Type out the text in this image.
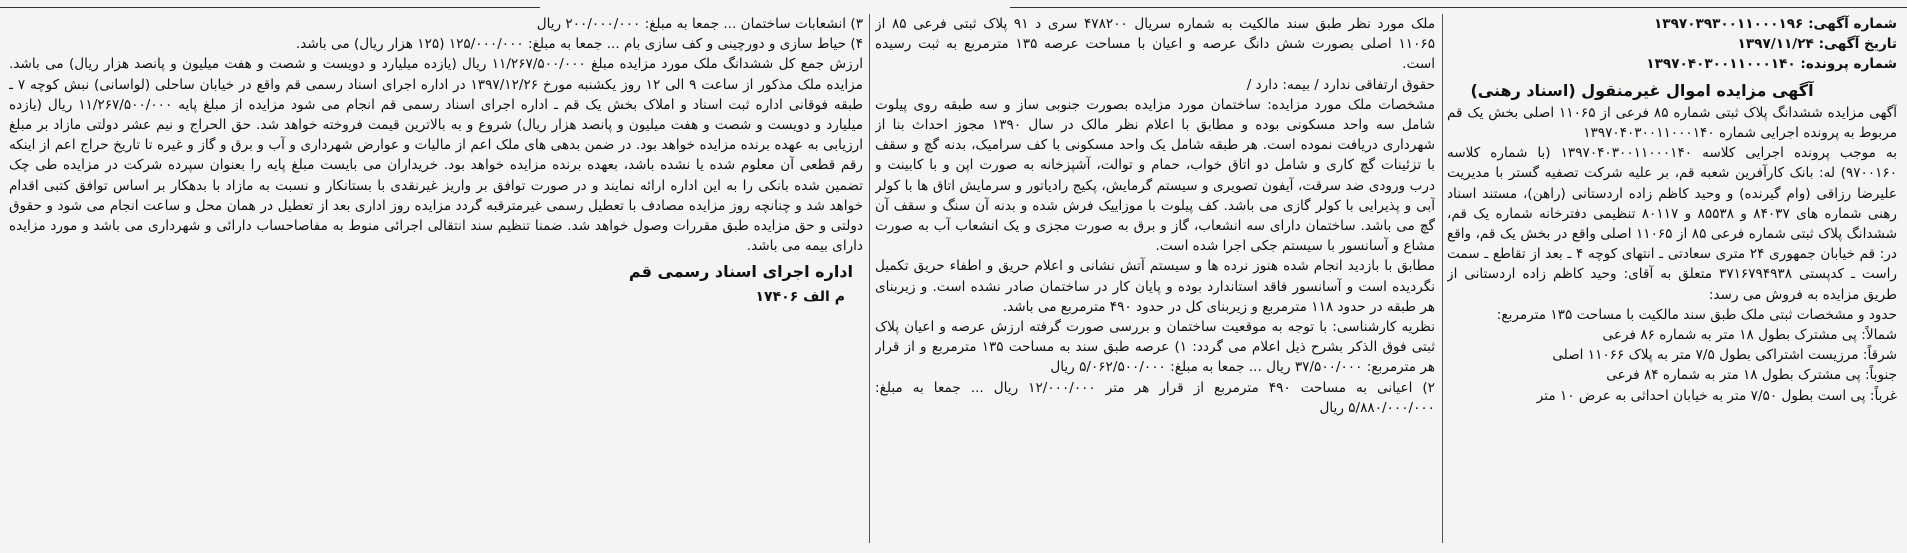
شماره آگهی: ۱۳۹۷۰۳۹۳۰۰۱۱۰۰۰۱۹۶

تاریخ آگهی: ۱۳۹۷/۱۱/۲۴

شماره پرونده: ۱۳۹۷۰۴۰۳۰۰۱۱۰۰۰۱۴۰

آگهی مزایده اموال غیرمنقول (اسناد رهنی)

آگهی مزایده ششدانگ پلاک ثبتی شماره ۸۵ فرعی از ۱۱۰۶۵ اصلی بخش یک قم مربوط به پرونده اجرایی شماره ۱۳۹۷۰۴۰۳۰۰۱۱۰۰۰۱۴۰

به موجب پرونده اجرایی کلاسه ۱۳۹۷۰۴۰۳۰۰۱۱۰۰۰۱۴۰ (با شماره کلاسه ۹۷۰۰۱۶۰) له: بانک کارآفرین شعبه قم، بر علیه شرکت تصفیه گستر با مدیریت علیرضا رزاقی (وام گیرنده) و وحید کاظم زاده اردستانی (راهن)، مستند اسناد رهنی شماره های ۸۴۰۳۷ و ۸۵۵۳۸ و ۸۰۱۱۷ تنظیمی دفترخانه شماره یک قم، ششدانگ پلاک ثبتی شماره فرعی ۸۵ از ۱۱۰۶۵ اصلی واقع در بخش یک قم، واقع در: قم خیابان جمهوری ۲۴ متری سعادتی ـ انتهای کوچه ۴ ـ بعد از تقاطع ـ سمت راست ـ کدپستی ۳۷۱۶۷۹۴۹۳۸ متعلق به آقای: وحید کاظم زاده اردستانی از طریق مزایده به فروش می رسد:

حدود و مشخصات ثبتی ملک طبق سند مالکیت با مساحت ۱۳۵ مترمربع:

شمالاً: پی مشترک بطول ۱۸ متر به شماره ۸۶ فرعی

شرقاً: مرزیست اشتراکی بطول ۷/۵ متر به پلاک ۱۱۰۶۶ اصلی

جنوباً: پی مشترک بطول ۱۸ متر به شماره ۸۴ فرعی

غرباً: پی است بطول ۷/۵۰ متر به خیابان احداثی به عرض ۱۰ متر

ملک مورد نظر طبق سند مالکیت به شماره سریال ۴۷۸۲۰۰ سری د ۹۱ پلاک ثبتی فرعی ۸۵ از ۱۱۰۶۵ اصلی بصورت شش دانگ عرصه و اعیان با مساحت عرصه ۱۳۵ مترمربع به ثبت رسیده است.

حقوق ارتفاقی ندارد / بیمه: دارد /

مشخصات ملک مورد مزایده: ساختمان مورد مزایده بصورت جنوبی ساز و سه طبقه روی پیلوت شامل سه واحد مسکونی بوده و مطابق با اعلام نظر مالک در سال ۱۳۹۰ مجوز احداث بنا از شهرداری دریافت نموده است. هر طبقه شامل یک واحد مسکونی با کف سرامیک، بدنه گچ و سقف با تزئینات گچ کاری و شامل دو اتاق خواب، حمام و توالت، آشپزخانه به صورت اپن و با کابینت و درب ورودی ضد سرقت، آیفون تصویری و سیستم گرمایش، پکیج رادیاتور و سرمایش اتاق ها با کولر آبی و پذیرایی با کولر گازی می باشد. کف پیلوت با موزاییک فرش شده و بدنه آن سنگ و سقف آن گچ می باشد. ساختمان دارای سه انشعاب، گاز و برق به صورت مجزی و یک انشعاب آب به صورت مشاع و آسانسور با سیستم جکی اجرا شده است.

مطابق با بازدید انجام شده هنوز نرده ها و سیستم آتش نشانی و اعلام حریق و اطفاء حریق تکمیل نگردیده است و آسانسور فاقد استاندارد بوده و پایان کار در ساختمان صادر نشده است. و زیربنای هر طبقه در حدود ۱۱۸ مترمربع و زیربنای کل در حدود ۴۹۰ مترمربع می باشد.

نظریه کارشناسی: با توجه به موقعیت ساختمان و بررسی صورت گرفته ارزش عرصه و اعیان پلاک ثبتی فوق الذکر بشرح ذیل اعلام می گردد: ۱) عرصه طبق سند به مساحت ۱۳۵ مترمربع و از قرار هر مترمربع: ۳۷/۵۰۰/۰۰۰ ریال ... جمعا به مبلغ: ۵/۰۶۲/۵۰۰/۰۰۰ ریال

۲) اعیانی به مساحت ۴۹۰ مترمربع از قرار هر متر ۱۲/۰۰۰/۰۰۰ ریال ... جمعا به مبلغ: ۵/۸۸۰/۰۰۰/۰۰۰ ریال

۳) انشعابات ساختمان ... جمعا به مبلغ: ۲۰۰/۰۰۰/۰۰۰ ریال

۴) حیاط سازی و دورچینی و کف سازی بام ... جمعا به مبلغ: ۱۲۵/۰۰۰/۰۰۰ (۱۲۵ هزار ریال) می باشد.

ارزش جمع کل ششدانگ ملک مورد مزایده مبلغ ۱۱/۲۶۷/۵۰۰/۰۰۰ ریال (یازده میلیارد و دویست و شصت و هفت میلیون و پانصد هزار ریال) می باشد. مزایده ملک مذکور از ساعت ۹ الی ۱۲ روز یکشنبه مورخ ۱۳۹۷/۱۲/۲۶ در اداره اجرای اسناد رسمی قم واقع در خیابان ساحلی (لواسانی) نبش کوچه ۷ ـ طبقه فوقانی اداره ثبت اسناد و املاک بخش یک قم ـ اداره اجرای اسناد رسمی قم انجام می شود مزایده از مبلغ پایه ۱۱/۲۶۷/۵۰۰/۰۰۰ ریال (یازده میلیارد و دویست و شصت و هفت میلیون و پانصد هزار ریال) شروع و به بالاترین قیمت فروخته خواهد شد. حق الحراج و نیم عشر دولتی مازاد بر مبلغ ارزیابی به عهده برنده مزایده خواهد بود. در ضمن بدهی های ملک اعم از مالیات و عوارض شهرداری و آب و برق و گاز و غیره تا تاریخ حراج اعم از اینکه رقم قطعی آن معلوم شده یا نشده باشد، بعهده برنده مزایده خواهد بود. خریداران می بایست مبلغ پایه را بعنوان سپرده شرکت در مزایده طی چک تضمین شده بانکی را به این اداره ارائه نمایند و در صورت توافق بر واریز غیرنقدی با بستانکار و نسبت به مازاد با بدهکار بر اساس توافق کتبی اقدام خواهد شد و چنانچه روز مزایده مصادف با تعطیل رسمی غیرمترقبه گردد مزایده روز اداری بعد از تعطیل در همان محل و ساعت انجام می شود و حقوق دولتی و حق مزایده طبق مقررات وصول خواهد شد. ضمنا تنظیم سند انتقالی اجرائی منوط به مفاصاحساب دارائی و شهرداری می باشد و مورد مزایده دارای بیمه می باشد.

اداره اجرای اسناد رسمی قم

م الف ۱۷۴۰۶
